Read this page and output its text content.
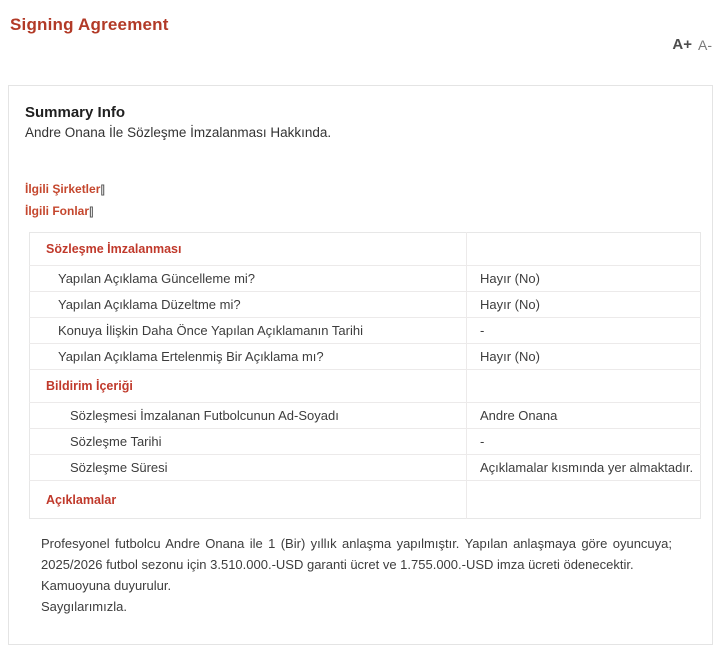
Signing Agreement
A+ A-
Summary Info
Andre Onana İle Sözleşme İmzalanması Hakkında.
İlgili Şirketler[]
İlgili Fonlar[]
Sözleşme İmzalanması	
Yapılan Açıklama Güncelleme mi?	Hayır (No)
Yapılan Açıklama Düzeltme mi?	Hayır (No)
Konuya İlişkin Daha Önce Yapılan Açıklamanın Tarihi	-
Yapılan Açıklama Ertelenmiş Bir Açıklama mı?	Hayır (No)
Bildirim İçeriği	
Sözleşmesi İmzalanan Futbolcunun Ad-Soyadı	Andre Onana
Sözleşme Tarihi	-
Sözleşme Süresi	Açıklamalar kısmında yer almaktadır.
Açıklamalar	
Profesyonel futbolcu Andre Onana ile 1 (Bir) yıllık anlaşma yapılmıştır. Yapılan anlaşmaya göre oyuncuya; 2025/2026 futbol sezonu için 3.510.000.-USD garanti ücret ve 1.755.000.-USD imza ücreti ödenecektir.
Kamuoyuna duyurulur.
Saygılarımızla.
